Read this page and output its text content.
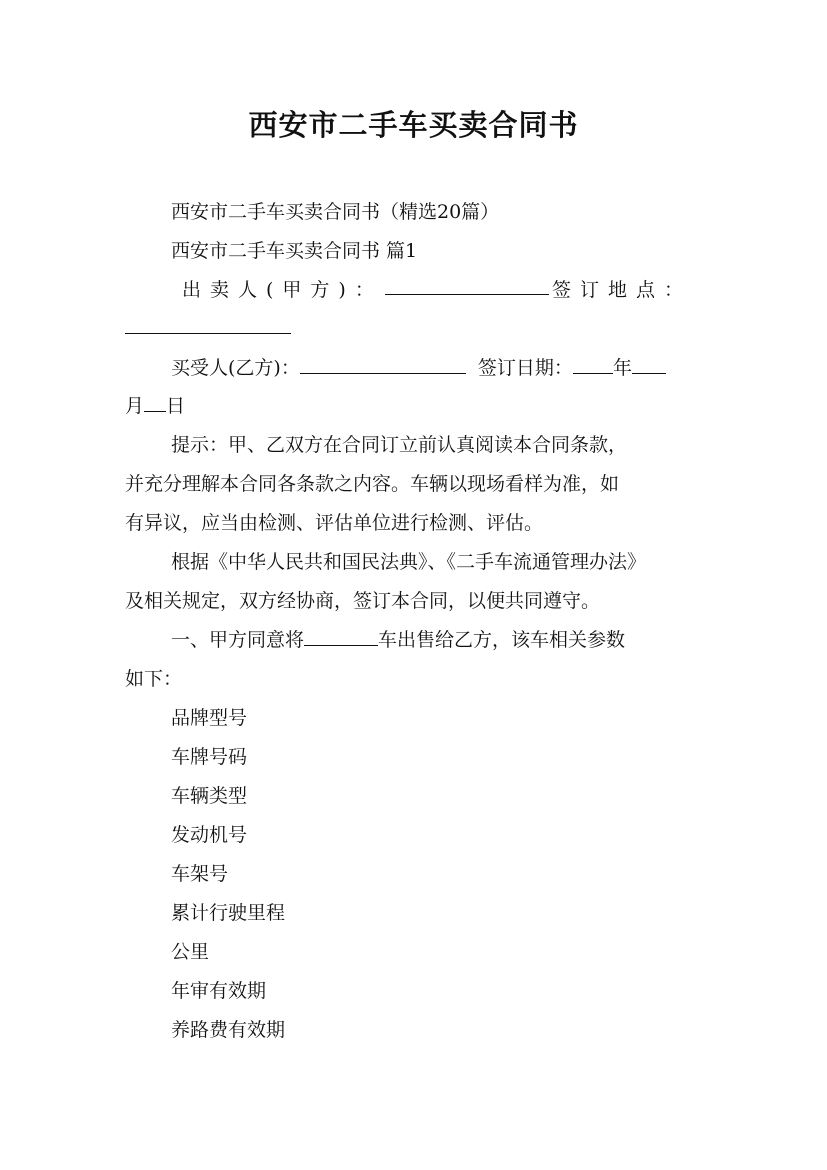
西安市二手车买卖合同书
西安市二手车买卖合同书（精选20篇）
西安市二手车买卖合同书 篇1
出卖人(甲方)：	签订地点：
买受人(乙方)：	签订日期： 年
月 日
提示：甲、乙双方在合同订立前认真阅读本合同条款，
并充分理解本合同各条款之内容。车辆以现场看样为准，如
有异议，应当由检测、评估单位进行检测、评估。
根据《中华人民共和国民法典》、《二手车流通管理办法》
及相关规定，双方经协商，签订本合同，以便共同遵守。
一、甲方同意将	车出售给乙方，该车相关参数
如下：
品牌型号
车牌号码
车辆类型
发动机号
车架号
累计行驶里程
公里
年审有效期
养路费有效期
